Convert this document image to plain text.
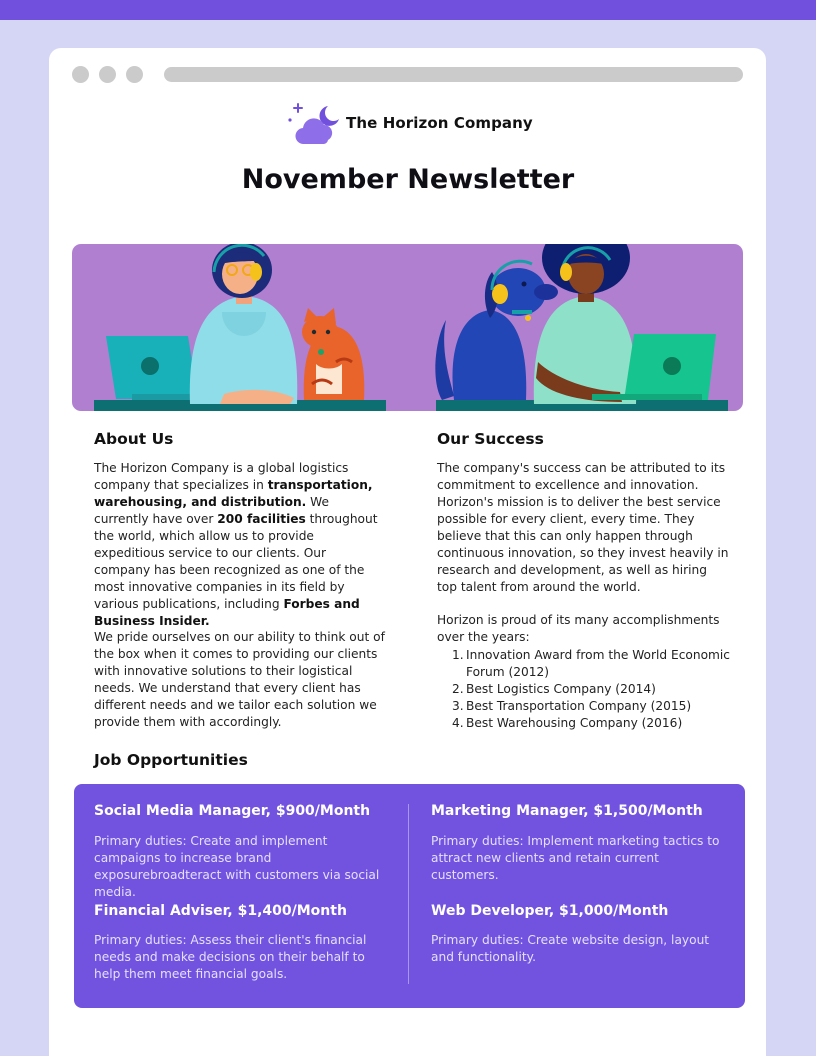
The Horizon Company
November Newsletter
About Us
The Horizon Company is a global logistics company that specializes in transportation, warehousing, and distribution. We currently have over 200 facilities throughout the world, which allow us to provide expeditious service to our clients. Our company has been recognized as one of the most innovative companies in its field by various publications, including Forbes and Business Insider.
We pride ourselves on our ability to think out of the box when it comes to providing our clients with innovative solutions to their logistical needs. We understand that every client has different needs and we tailor each solution we provide them with accordingly.
Our Success
The company's success can be attributed to its commitment to excellence and innovation. Horizon's mission is to deliver the best service possible for every client, every time. They believe that this can only happen through continuous innovation, so they invest heavily in research and development, as well as hiring top talent from around the world.
Horizon is proud of its many accomplishments over the years:
1. Innovation Award from the World Economic Forum (2012)
2. Best Logistics Company (2014)
3. Best Transportation Company (2015)
4. Best Warehousing Company (2016)
Job Opportunities
Social Media Manager, $900/Month
Primary duties: Create and implement campaigns to increase brand exposurebroadteract with customers via social media.
Marketing Manager, $1,500/Month
Primary duties: Implement marketing tactics to attract new clients and retain current customers.
Financial Adviser, $1,400/Month
Primary duties: Assess their client's financial needs and make decisions on their behalf to help them meet financial goals.
Web Developer, $1,000/Month
Primary duties: Create website design, layout and functionality.
